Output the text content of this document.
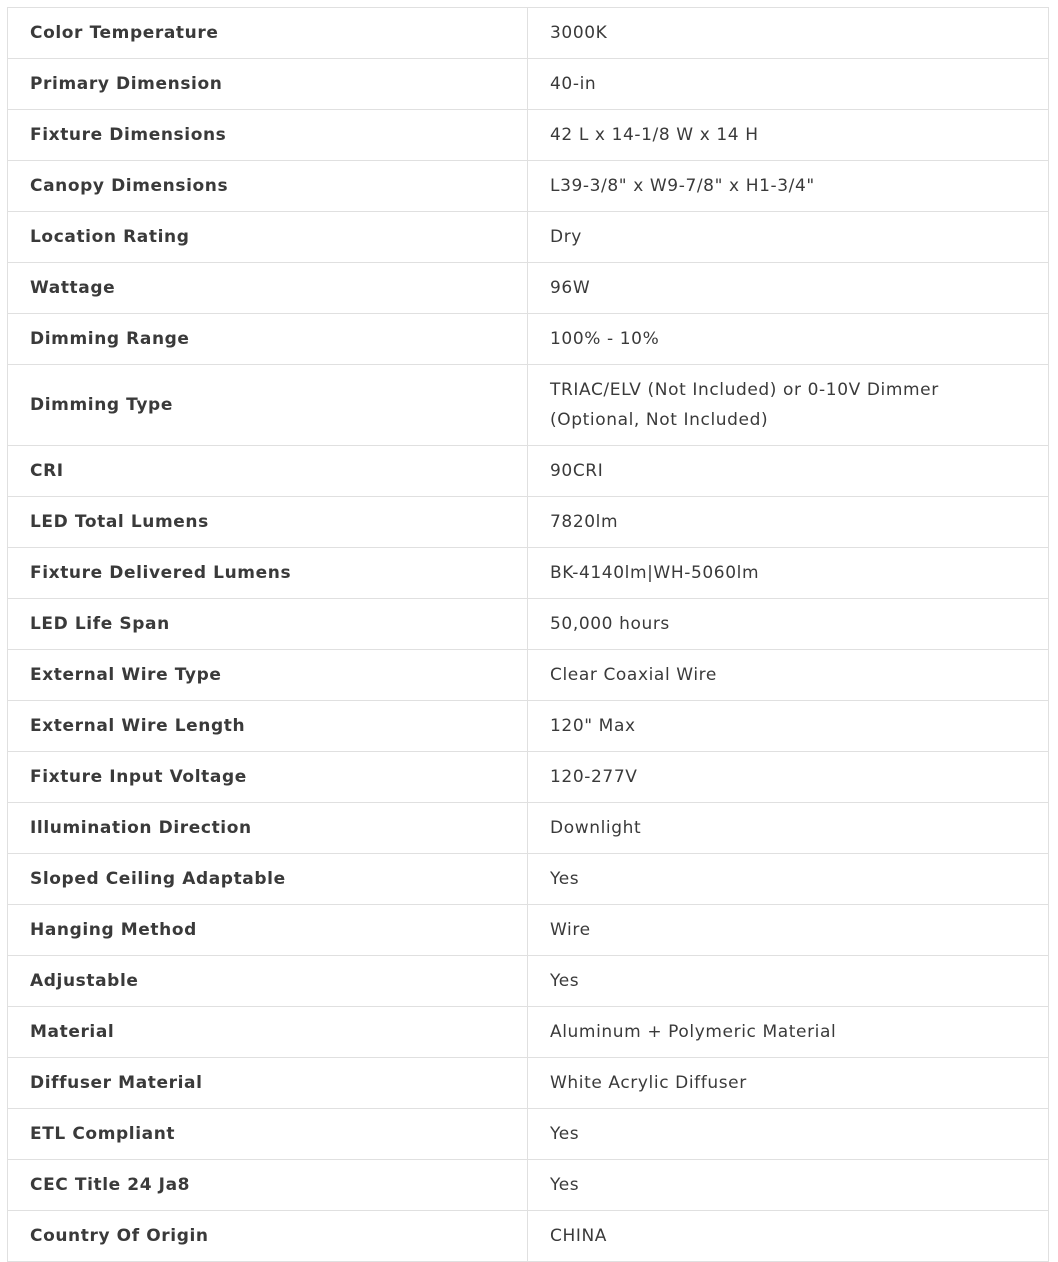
Color Temperature	3000K
Primary Dimension	40-in
Fixture Dimensions	42 L x 14-1/8 W x 14 H
Canopy Dimensions	L39-3/8" x W9-7/8" x H1-3/4"
Location Rating	Dry
Wattage	96W
Dimming Range	100% - 10%
Dimming Type	TRIAC/ELV (Not Included) or 0-10V Dimmer (Optional, Not Included)
CRI	90CRI
LED Total Lumens	7820lm
Fixture Delivered Lumens	BK-4140lm|WH-5060lm
LED Life Span	50,000 hours
External Wire Type	Clear Coaxial Wire
External Wire Length	120" Max
Fixture Input Voltage	120-277V
Illumination Direction	Downlight
Sloped Ceiling Adaptable	Yes
Hanging Method	Wire
Adjustable	Yes
Material	Aluminum + Polymeric Material
Diffuser Material	White Acrylic Diffuser
ETL Compliant	Yes
CEC Title 24 Ja8	Yes
Country Of Origin	CHINA
